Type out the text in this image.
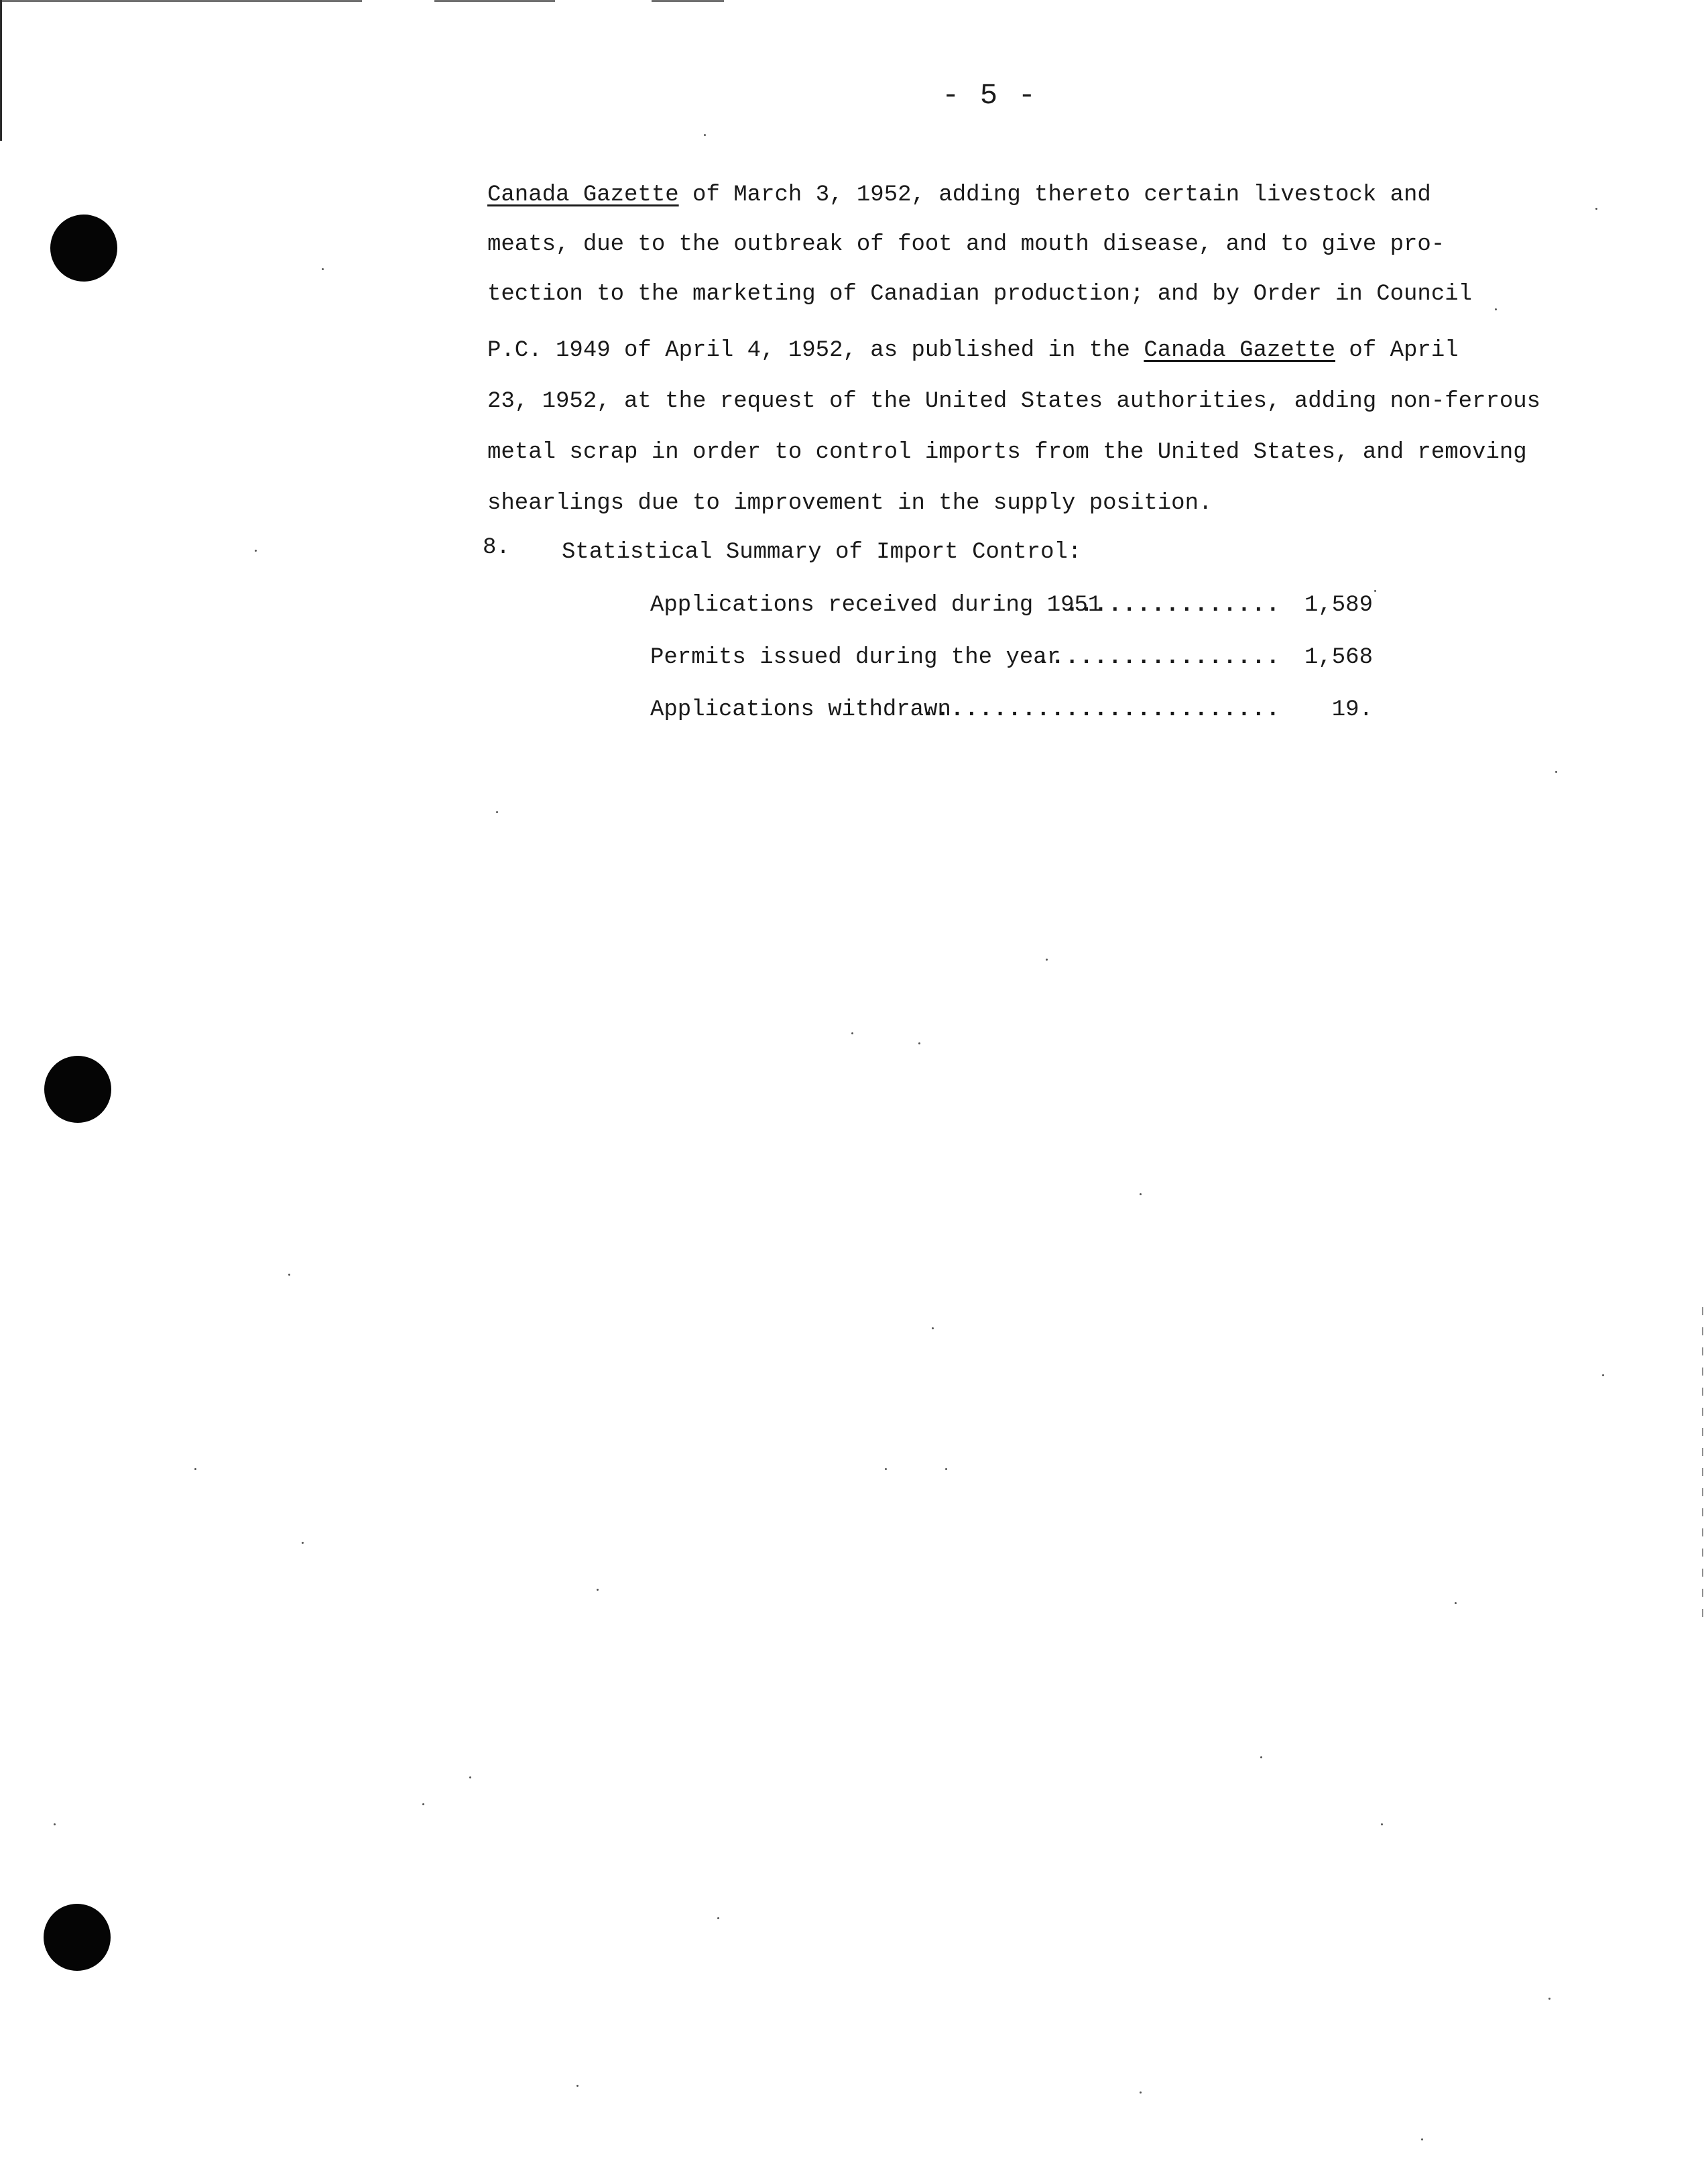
- 5 -
Canada Gazette of March 3, 1952, adding thereto certain livestock and
meats, due to the outbreak of foot and mouth disease, and to give pro-
tection to the marketing of Canadian production; and by Order in Council
P.C. 1949 of April 4, 1952, as published in the Canada Gazette of April
23, 1952, at the request of the United States authorities, adding non-ferrous
metal scrap in order to control imports from the United States, and removing
shearlings due to improvement in the supply position.
8. Statistical Summary of Import Control:
Applications received during 1951
............... 1,589
Permits issued during the year
................. 1,568
Applications withdrawn
......................... 19.
